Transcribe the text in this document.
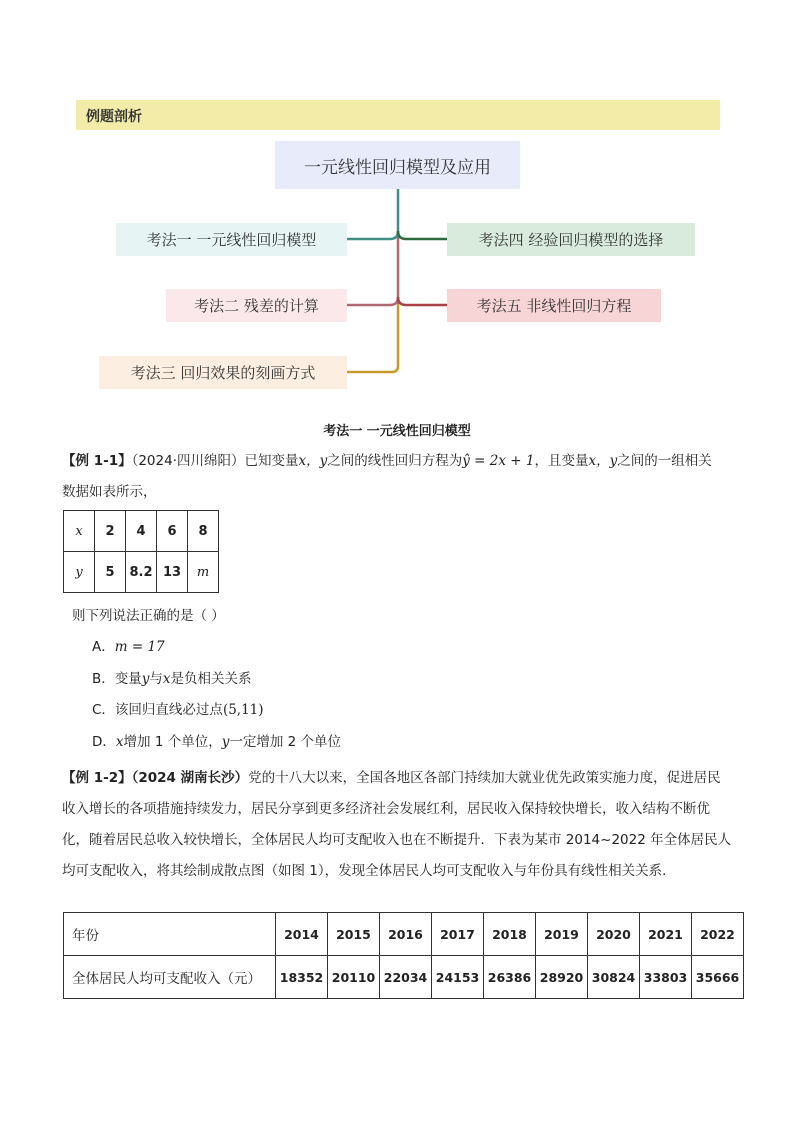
例题剖析
一元线性回归模型及应用
考法一 一元线性回归模型
考法二 残差的计算
考法三 回归效果的刻画方式
考法四 经验回归模型的选择
考法五 非线性回归方程
考法一 一元线性回归模型
【例 1-1】（2024·四川绵阳）已知变量x，y之间的线性回归方程为ŷ = 2x + 1，且变量x，y之间的一组相关
数据如表所示，
x	2	4	6	8
y	5	8.2	13	m
则下列说法正确的是（ ）
A．m = 17
B．变量y与x是负相关关系
C．该回归直线必过点(5,11)
D．x增加 1 个单位，y一定增加 2 个单位
【例 1-2】（2024 湖南长沙）党的十八大以来，全国各地区各部门持续加大就业优先政策实施力度，促进居民收入增长的各项措施持续发力，居民分享到更多经济社会发展红利，居民收入保持较快增长，收入结构不断优化，随着居民总收入较快增长，全体居民人均可支配收入也在不断提升．下表为某市 2014~2022 年全体居民人均可支配收入，将其绘制成散点图（如图 1），发现全体居民人均可支配收入与年份具有线性相关关系．
年份	2014	2015	2016	2017	2018	2019	2020	2021	2022
全体居民人均可支配收入（元）	18352	20110	22034	24153	26386	28920	30824	33803	35666
